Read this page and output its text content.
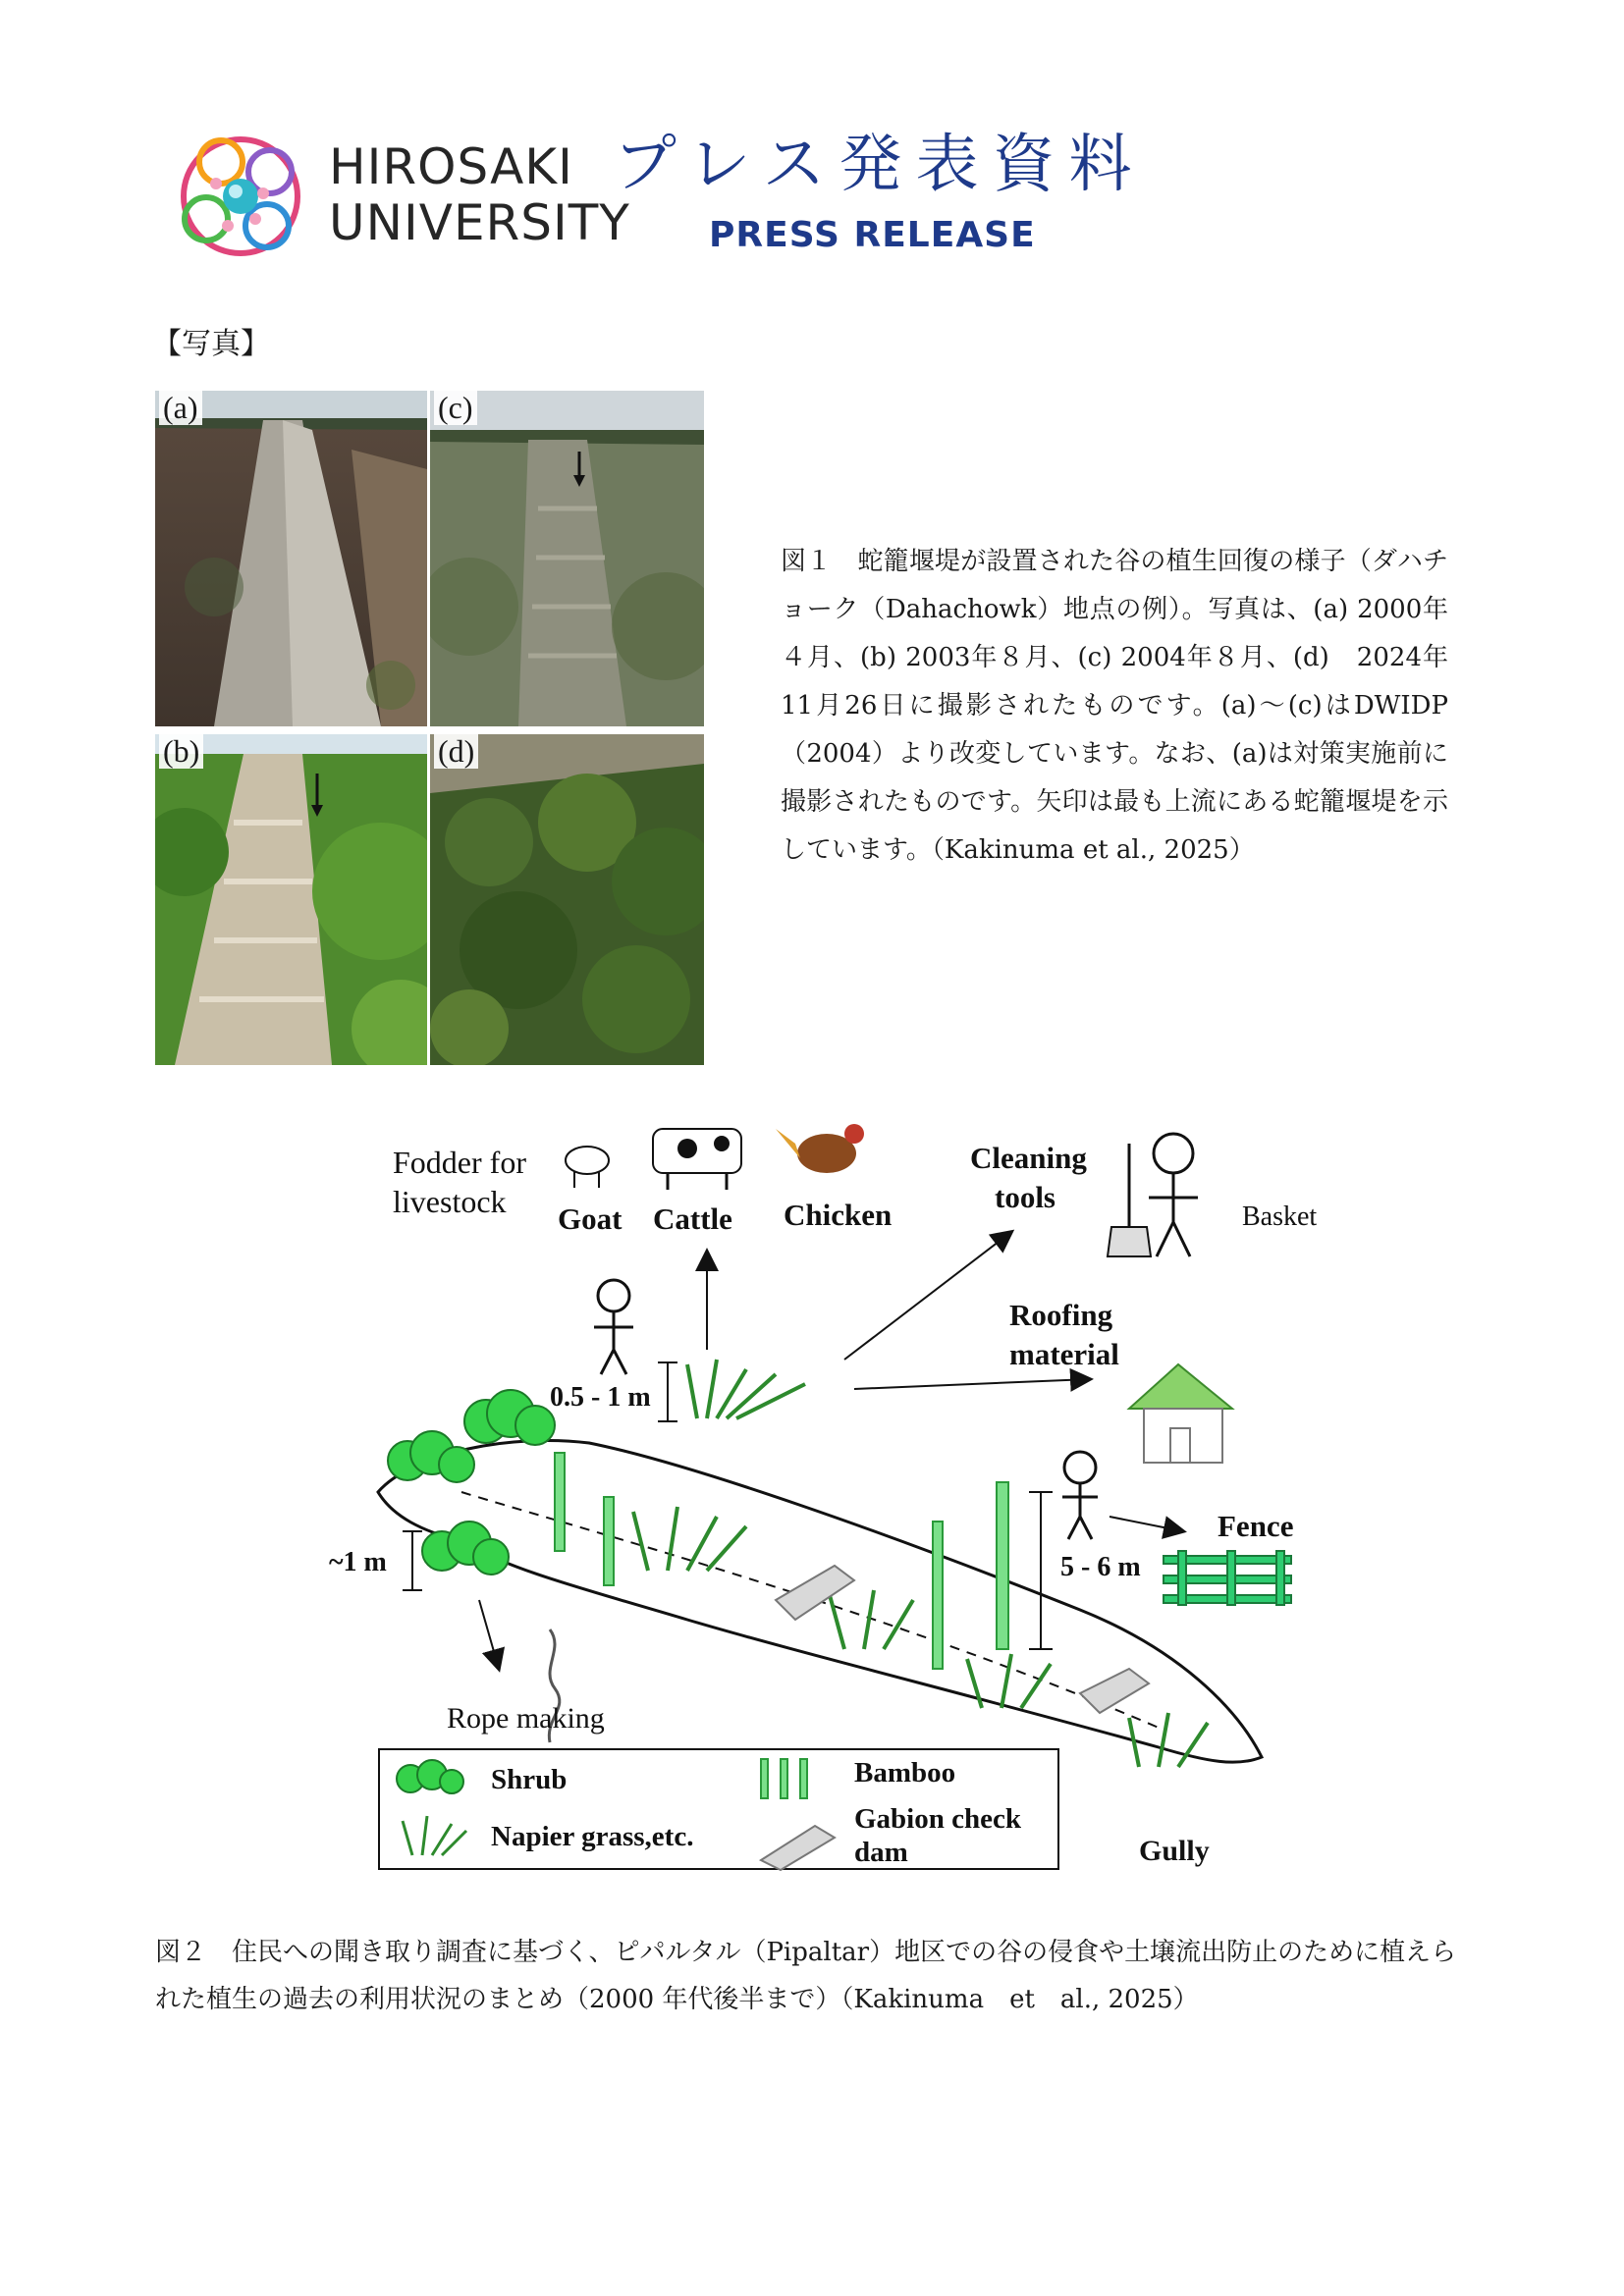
HIROSAKI
UNIVERSITY
プレス発表資料
PRESS RELEASE
【写真】
(a)	(c)
(b)	(d)
図１　蛇籠堰堤が設置された谷の植生回復の様子（ダハチョーク（Dahachowk）地点の例）。写真は、(a) 2000年４月、(b) 2003年８月、(c) 2004年８月、(d)　2024年11月26日に撮影されたものです。(a)～(c)はDWIDP（2004）より改変しています。なお、(a)は対策実施前に撮影されたものです。矢印は最も上流にある蛇籠堰堤を示しています。（Kakinuma et al., 2025）
Fodder for
livestock Goat Cattle Chicken
Cleaning
tools
Basket
Roofing
material
0.5 - 1 m
~1 m	5 - 6 m
Fence
Rope making
Gully
Shrub
Napier grass,etc.
Bamboo
Gabion check
dam
図２　住民への聞き取り調査に基づく、ピパルタル（Pipaltar）地区での谷の侵食や土壌流出防止のために植えられた植生の過去の利用状況のまとめ（2000 年代後半まで）（Kakinuma　et　al., 2025）
